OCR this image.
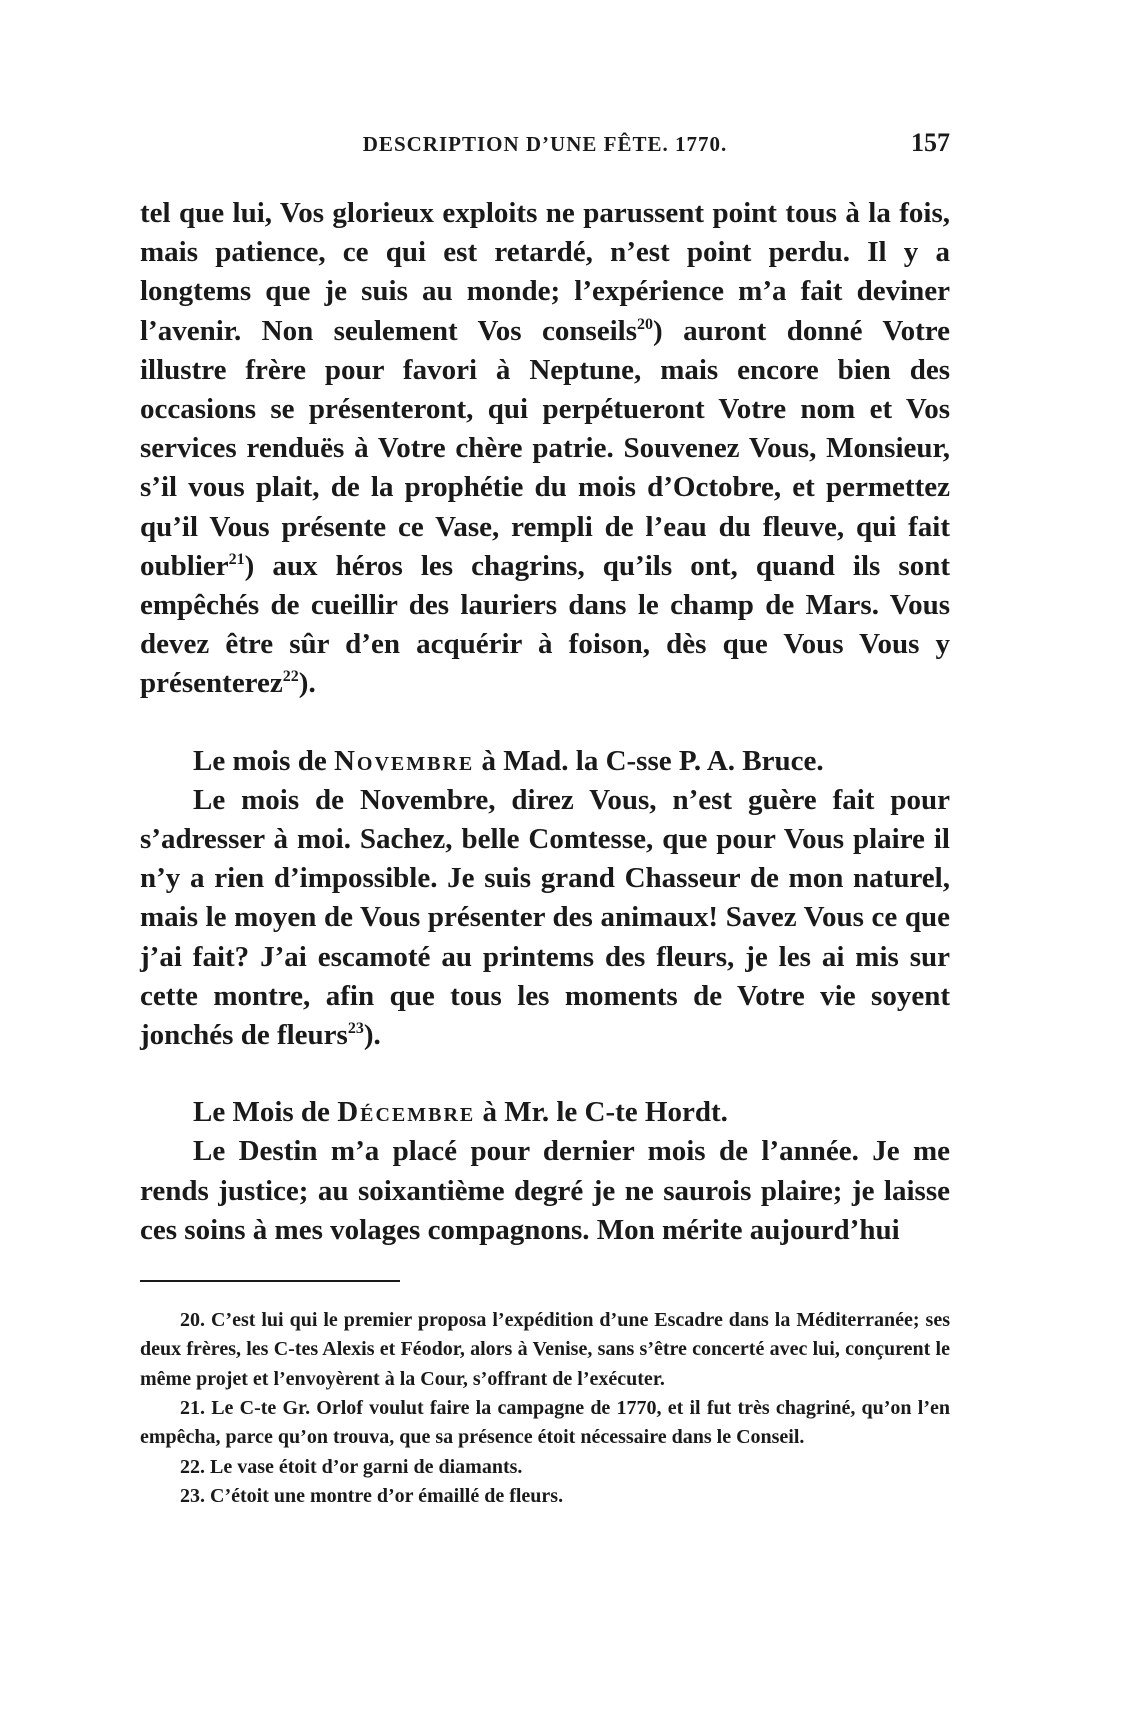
DESCRIPTION D’UNE FÊTE. 1770.	157

tel que lui, Vos glorieux exploits ne parussent point tous à la fois, mais patience, ce qui est retardé, n’est point perdu. Il y a longtems que je suis au monde; l’expérience m’a fait deviner l’avenir. Non seulement Vos conseils$^{20}$) auront donné Votre illustre frère pour favori à Neptune, mais encore bien des occasions se présenteront, qui perpétueront Votre nom et Vos services renduës à Votre chère patrie. Souvenez Vous, Monsieur, s’il vous plait, de la prophétie du mois d’Octobre, et permettez qu’il Vous présente ce Vase, rempli de l’eau du fleuve, qui fait oublier$^{21}$) aux héros les chagrins, qu’ils ont, quand ils sont empêchés de cueillir des lauriers dans le champ de Mars. Vous devez être sûr d’en acquérir à foison, dès que Vous Vous y présenterez$^{22}$).

Le mois de Novembre à Mad. la C-sse P. A. Bruce.

Le mois de Novembre, direz Vous, n’est guère fait pour s’adresser à moi. Sachez, belle Comtesse, que pour Vous plaire il n’y a rien d’impossible. Je suis grand Chasseur de mon naturel, mais le moyen de Vous présenter des animaux! Savez Vous ce que j’ai fait? J’ai escamoté au printems des fleurs, je les ai mis sur cette montre, afin que tous les moments de Votre vie soyent jonchés de fleurs$^{23}$).

Le Mois de Décembre à Mr. le C-te Hordt.

Le Destin m’a placé pour dernier mois de l’année. Je me rends justice; au soixantième degré je ne saurois plaire; je laisse ces soins à mes volages compagnons. Mon mérite aujourd’hui

20. C’est lui qui le premier proposa l’expédition d’une Escadre dans la Méditerranée; ses deux frères, les C-tes Alexis et Féodor, alors à Venise, sans s’être concerté avec lui, conçurent le même projet et l’envoyèrent à la Cour, s’offrant de l’exécuter.

21. Le C-te Gr. Orlof voulut faire la campagne de 1770, et il fut très chagriné, qu’on l’en empêcha, parce qu’on trouva, que sa présence étoit nécessaire dans le Conseil.

22. Le vase étoit d’or garni de diamants.

23. C’étoit une montre d’or émaillé de fleurs.
